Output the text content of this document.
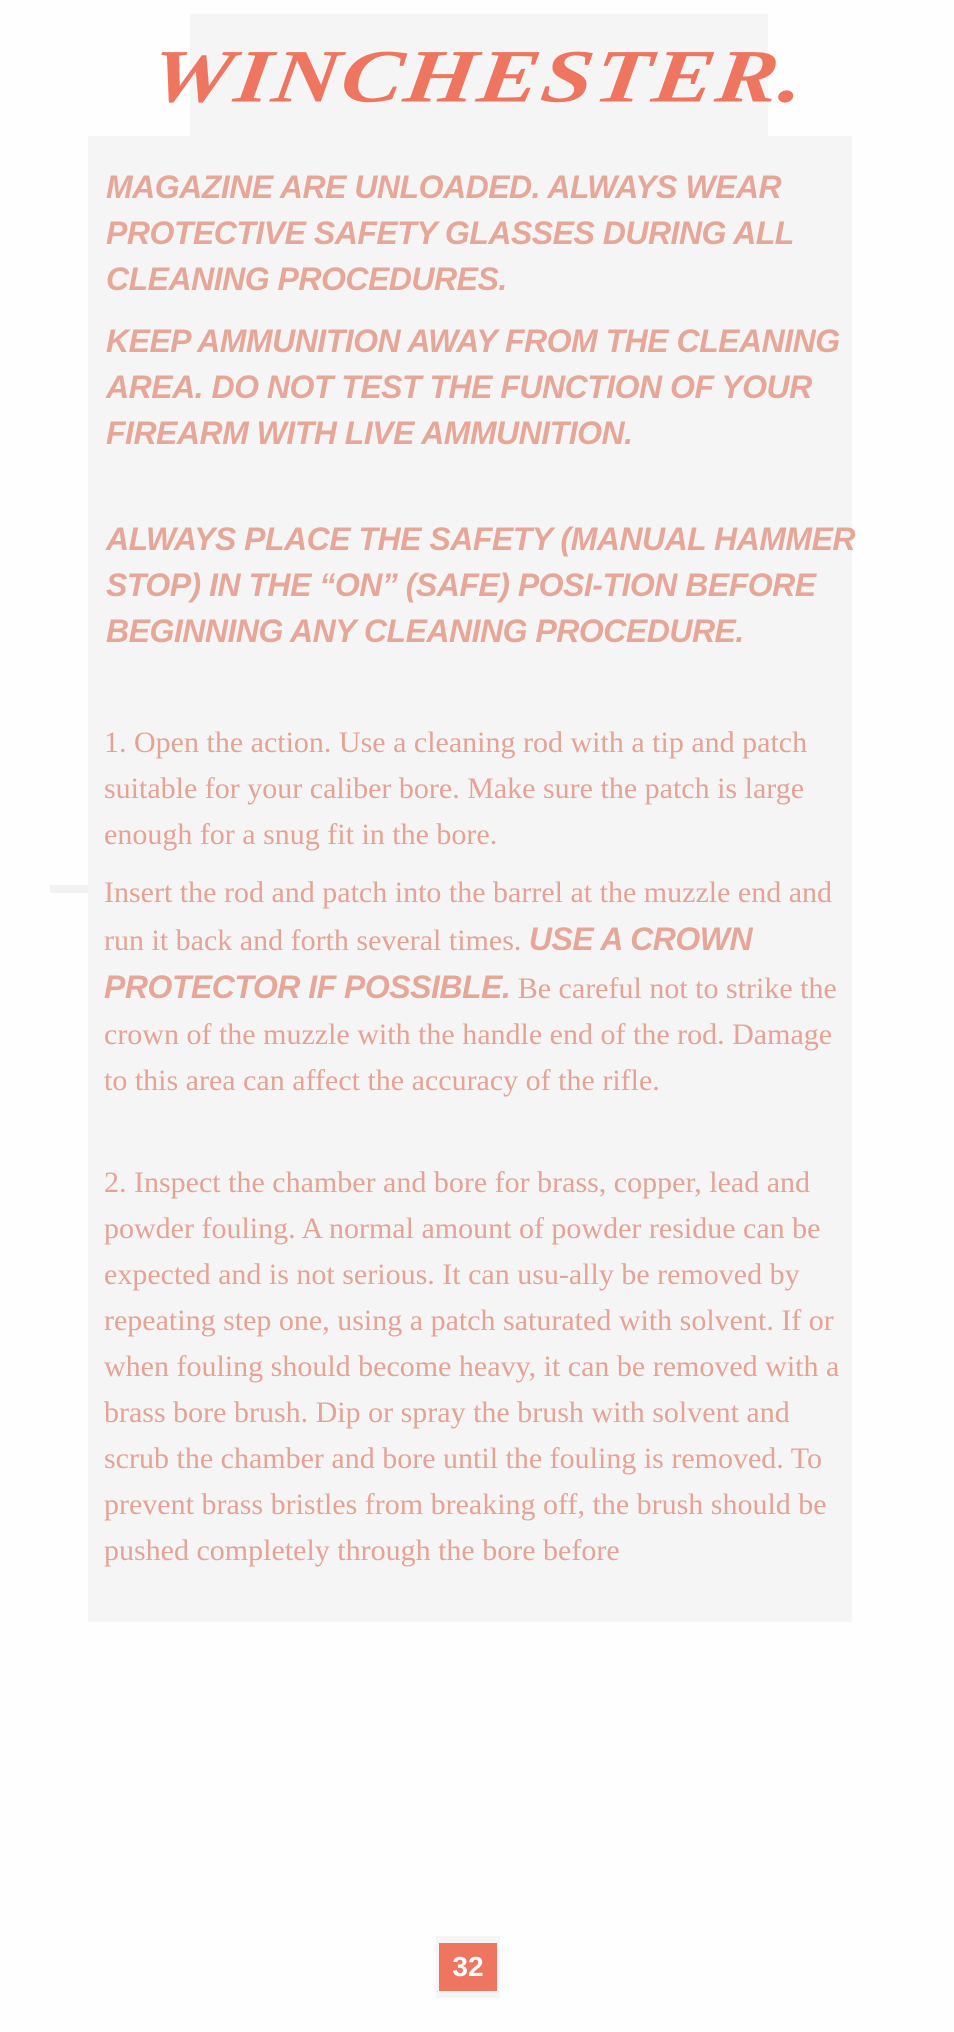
WINCHESTER.

MAGAZINE ARE UNLOADED. ALWAYS WEAR PROTECTIVE SAFETY GLASSES DURING ALL CLEANING PROCEDURES.

KEEP AMMUNITION AWAY FROM THE CLEANING AREA. DO NOT TEST THE FUNCTION OF YOUR FIREARM WITH LIVE AMMUNITION.

ALWAYS PLACE THE SAFETY (MANUAL HAMMER STOP) IN THE “ON” (SAFE) POSI-TION BEFORE BEGINNING ANY CLEANING PROCEDURE.

1. Open the action. Use a cleaning rod with a tip and patch suitable for your caliber bore. Make sure the patch is large enough for a snug fit in the bore.

Insert the rod and patch into the barrel at the muzzle end and run it back and forth several times. USE A CROWN PROTECTOR IF POSSIBLE. Be careful not to strike the crown of the muzzle with the handle end of the rod. Damage to this area can affect the accuracy of the rifle.

2. Inspect the chamber and bore for brass, copper, lead and powder fouling. A normal amount of powder residue can be expected and is not serious. It can usu-ally be removed by repeating step one, using a patch saturated with solvent. If or when fouling should become heavy, it can be removed with a brass bore brush. Dip or spray the brush with solvent and scrub the chamber and bore until the fouling is removed. To prevent brass bristles from breaking off, the brush should be pushed completely through the bore before

32
